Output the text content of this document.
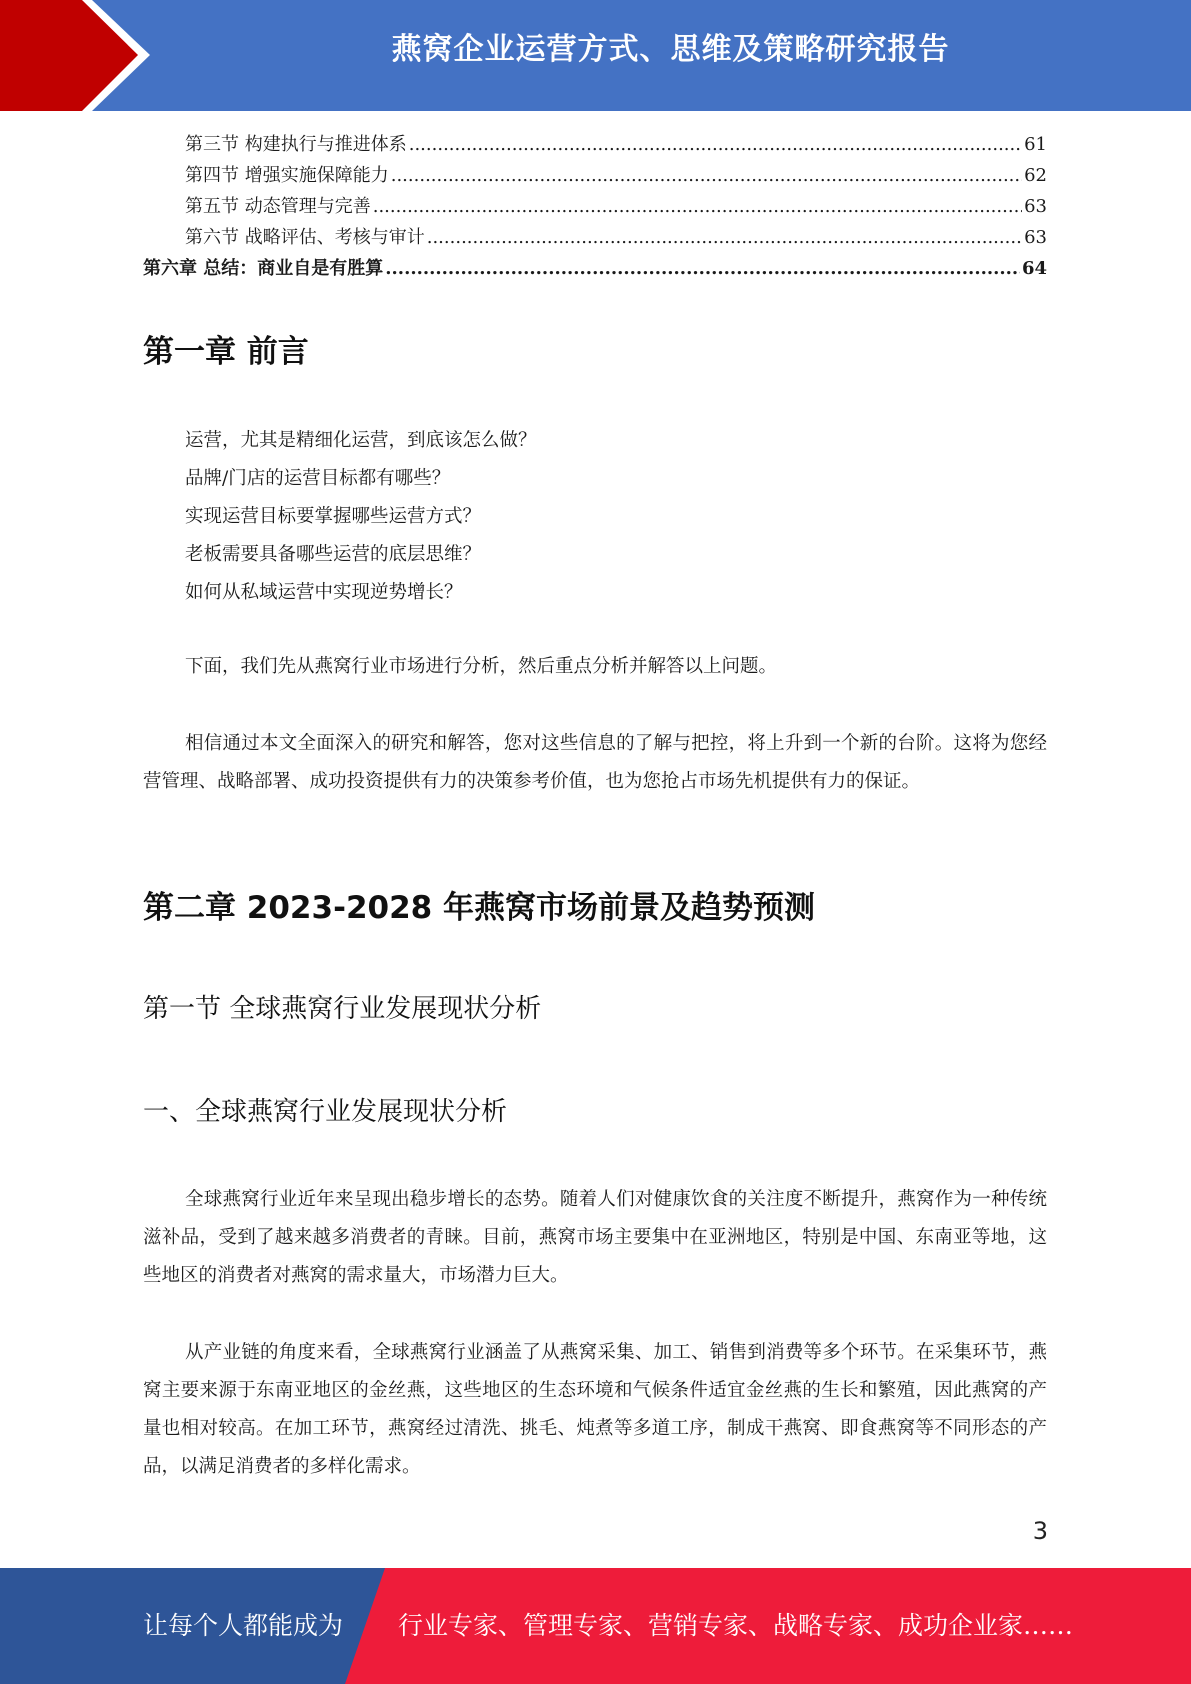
燕窝企业运营方式、思维及策略研究报告
第三节 构建执行与推进体系 .....	61
第四节 增强实施保障能力 .....	62
第五节 动态管理与完善 .....	63
第六节 战略评估、考核与审计 .....	63
第六章 总结：商业自是有胜算 .....	64
第一章 前言
运营，尤其是精细化运营，到底该怎么做？
品牌/门店的运营目标都有哪些？
实现运营目标要掌握哪些运营方式？
老板需要具备哪些运营的底层思维？
如何从私域运营中实现逆势增长？
下面，我们先从燕窝行业市场进行分析，然后重点分析并解答以上问题。
相信通过本文全面深入的研究和解答，您对这些信息的了解与把控，将上升到一个新的台阶。这将为您经营管理、战略部署、成功投资提供有力的决策参考价值，也为您抢占市场先机提供有力的保证。
第二章 2023-2028 年燕窝市场前景及趋势预测
第一节 全球燕窝行业发展现状分析
一、全球燕窝行业发展现状分析
全球燕窝行业近年来呈现出稳步增长的态势。随着人们对健康饮食的关注度不断提升，燕窝作为一种传统滋补品，受到了越来越多消费者的青睐。目前，燕窝市场主要集中在亚洲地区，特别是中国、东南亚等地，这些地区的消费者对燕窝的需求量大，市场潜力巨大。
从产业链的角度来看，全球燕窝行业涵盖了从燕窝采集、加工、销售到消费等多个环节。在采集环节，燕窝主要来源于东南亚地区的金丝燕，这些地区的生态环境和气候条件适宜金丝燕的生长和繁殖，因此燕窝的产量也相对较高。在加工环节，燕窝经过清洗、挑毛、炖煮等多道工序，制成干燕窝、即食燕窝等不同形态的产品，以满足消费者的多样化需求。
3
让每个人都能成为 行业专家、管理专家、营销专家、战略专家、成功企业家……
